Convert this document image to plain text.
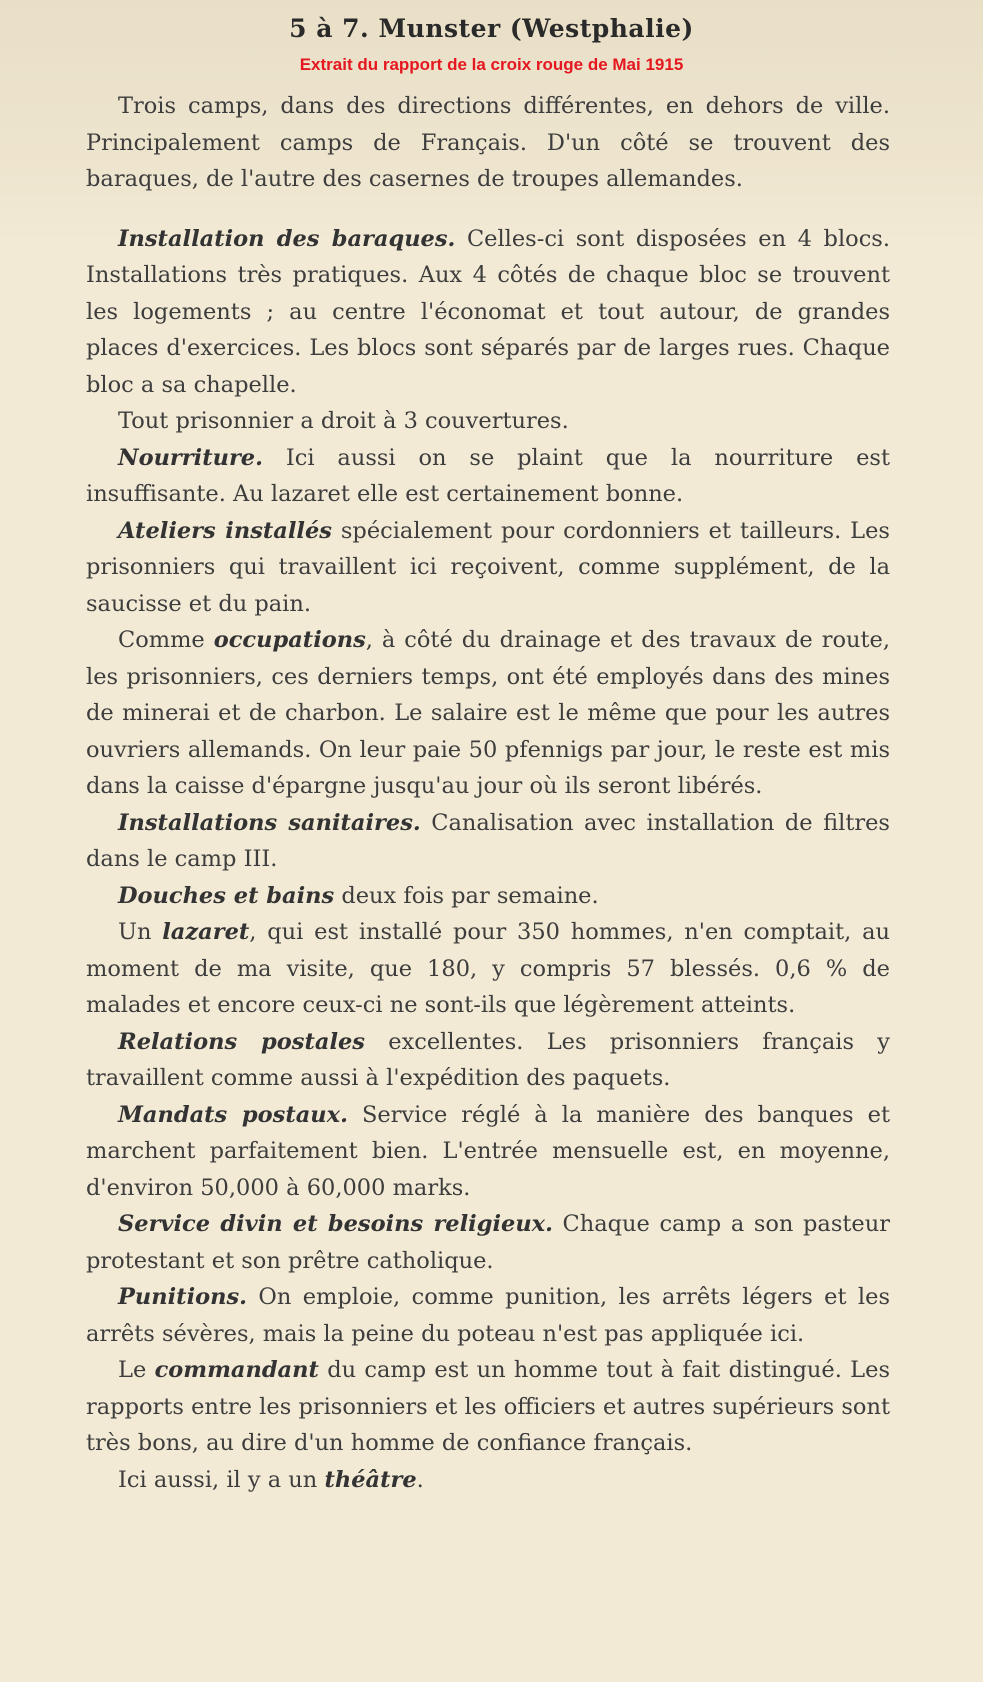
5 à 7. Munster (Westphalie)
Extrait du rapport de la croix rouge de Mai 1915

Trois camps, dans des directions différentes, en dehors de ville. Principalement camps de Français. D'un côté se trouvent des baraques, de l'autre des casernes de troupes allemandes.

Installation des baraques. Celles-ci sont disposées en 4 blocs. Installations très pratiques. Aux 4 côtés de chaque bloc se trouvent les logements ; au centre l'économat et tout autour, de grandes places d'exercices. Les blocs sont séparés par de larges rues. Chaque bloc a sa chapelle.

Tout prisonnier a droit à 3 couvertures.

Nourriture. Ici aussi on se plaint que la nourriture est insuffisante. Au lazaret elle est certainement bonne.

Ateliers installés spécialement pour cordonniers et tailleurs. Les prisonniers qui travaillent ici reçoivent, comme supplément, de la saucisse et du pain.

Comme occupations, à côté du drainage et des travaux de route, les prisonniers, ces derniers temps, ont été employés dans des mines de minerai et de charbon. Le salaire est le même que pour les autres ouvriers allemands. On leur paie 50 pfennigs par jour, le reste est mis dans la caisse d'épargne jusqu'au jour où ils seront libérés.

Installations sanitaires. Canalisation avec installation de filtres dans le camp III.

Douches et bains deux fois par semaine.

Un lazaret, qui est installé pour 350 hommes, n'en comptait, au moment de ma visite, que 180, y compris 57 blessés. 0,6 % de malades et encore ceux-ci ne sont-ils que légèrement atteints.

Relations postales excellentes. Les prisonniers français y travaillent comme aussi à l'expédition des paquets.

Mandats postaux. Service réglé à la manière des banques et marchent parfaitement bien. L'entrée mensuelle est, en moyenne, d'environ 50,000 à 60,000 marks.

Service divin et besoins religieux. Chaque camp a son pasteur protestant et son prêtre catholique.

Punitions. On emploie, comme punition, les arrêts légers et les arrêts sévères, mais la peine du poteau n'est pas appliquée ici.

Le commandant du camp est un homme tout à fait distingué. Les rapports entre les prisonniers et les officiers et autres supérieurs sont très bons, au dire d'un homme de confiance français.

Ici aussi, il y a un théâtre.
